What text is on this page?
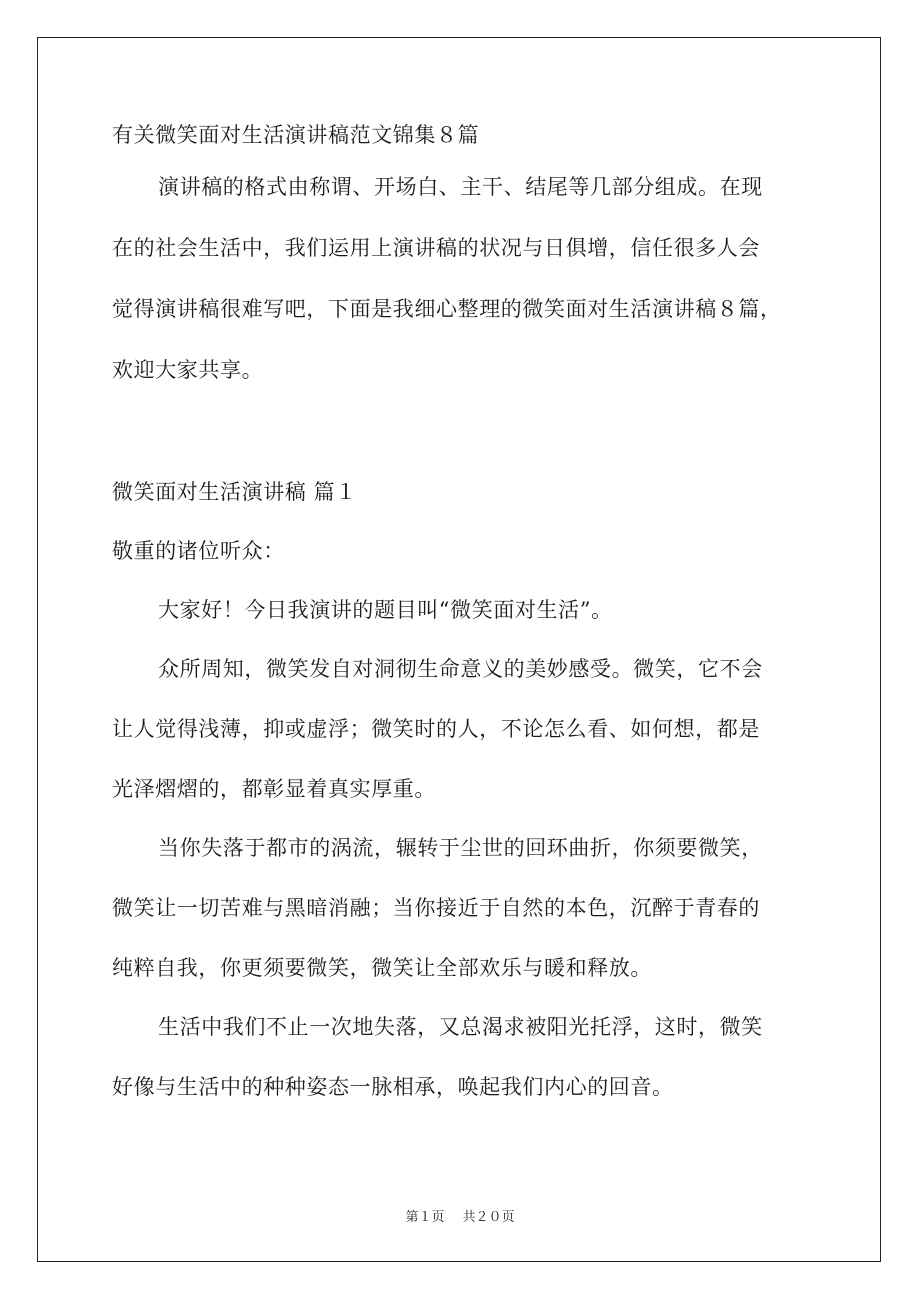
有关微笑面对生活演讲稿范文锦集８篇
演讲稿的格式由称谓、开场白、主干、结尾等几部分组成。在现
在的社会生活中，我们运用上演讲稿的状况与日俱增，信任很多人会
觉得演讲稿很难写吧，下面是我细心整理的微笑面对生活演讲稿８篇，
欢迎大家共享。
微笑面对生活演讲稿 篇１
敬重的诸位听众：
大家好！今日我演讲的题目叫“微笑面对生活”。
众所周知，微笑发自对洞彻生命意义的美妙感受。微笑，它不会
让人觉得浅薄，抑或虚浮；微笑时的人，不论怎么看、如何想，都是
光泽熠熠的，都彰显着真实厚重。
当你失落于都市的涡流，辗转于尘世的回环曲折，你须要微笑，
微笑让一切苦难与黑暗消融；当你接近于自然的本色，沉醉于青春的
纯粹自我，你更须要微笑，微笑让全部欢乐与暖和释放。
生活中我们不止一次地失落，又总渴求被阳光托浮，这时，微笑
好像与生活中的种种姿态一脉相承，唤起我们内心的回音。
第１页 共２０页
